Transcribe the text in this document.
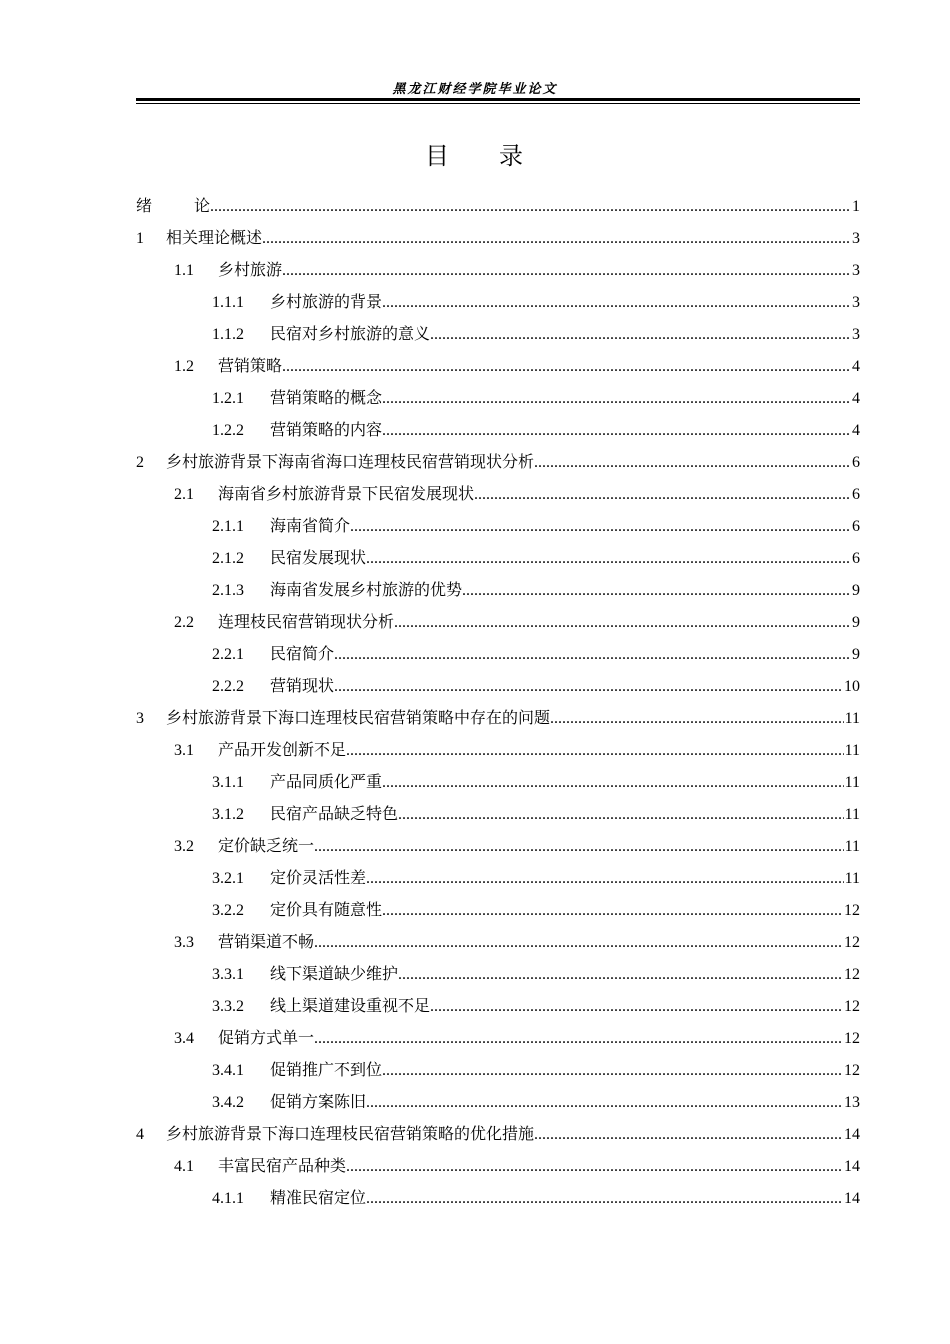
黑龙江财经学院毕业论文
目 录
绪	论 .....	1
1	相关理论概述 .....	3
1.1	乡村旅游 .....	3
1.1.1	乡村旅游的背景 .....	3
1.1.2	民宿对乡村旅游的意义 .....	3
1.2	营销策略 .....	4
1.2.1	营销策略的概念 .....	4
1.2.2	营销策略的内容 .....	4
2	乡村旅游背景下海南省海口连理枝民宿营销现状分析 .....	6
2.1	海南省乡村旅游背景下民宿发展现状 .....	6
2.1.1	海南省简介 .....	6
2.1.2	民宿发展现状 .....	6
2.1.3	海南省发展乡村旅游的优势 .....	9
2.2	连理枝民宿营销现状分析 .....	9
2.2.1	民宿简介 .....	9
2.2.2	营销现状 .....	10
3	乡村旅游背景下海口连理枝民宿营销策略中存在的问题 .....	11
3.1	产品开发创新不足 .....	11
3.1.1	产品同质化严重 .....	11
3.1.2	民宿产品缺乏特色 .....	11
3.2	定价缺乏统一 .....	11
3.2.1	定价灵活性差 .....	11
3.2.2	定价具有随意性 .....	12
3.3	营销渠道不畅 .....	12
3.3.1	线下渠道缺少维护 .....	12
3.3.2	线上渠道建设重视不足 .....	12
3.4	促销方式单一 .....	12
3.4.1	促销推广不到位 .....	12
3.4.2	促销方案陈旧 .....	13
4	乡村旅游背景下海口连理枝民宿营销策略的优化措施 .....	14
4.1	丰富民宿产品种类 .....	14
4.1.1	精准民宿定位 .....	14
